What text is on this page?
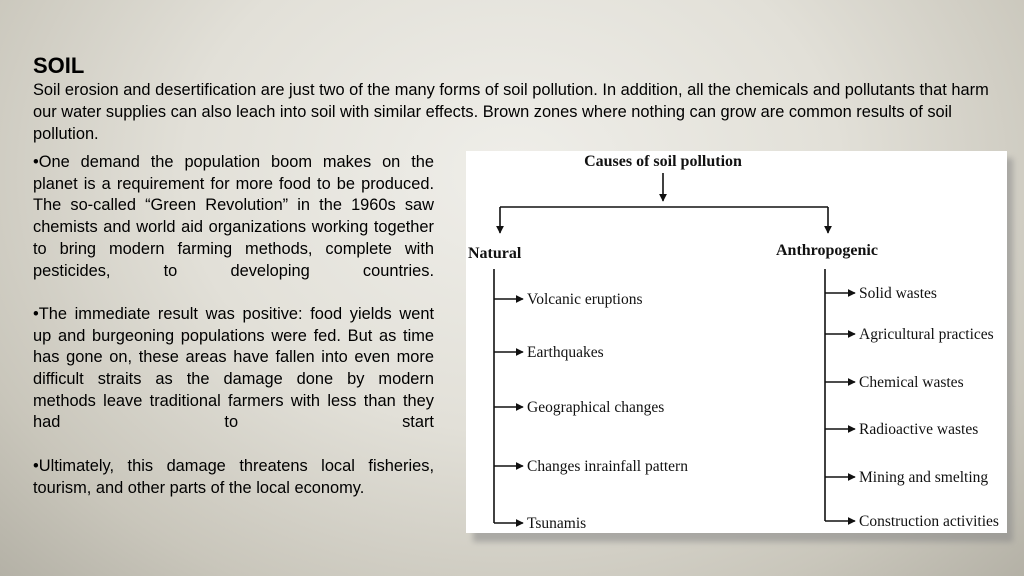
SOIL

Soil erosion and desertification are just two of the many forms of soil pollution. In addition, all the chemicals and pollutants that harm our water supplies can also leach into soil with similar effects. Brown zones where nothing can grow are common results of soil pollution.

•One demand the population boom makes on the planet is a requirement for more food to be produced. The so-called “Green Revolution” in the 1960s saw chemists and world aid organizations working together to bring modern farming methods, complete with pesticides, to developing countries.

•The immediate result was positive: food yields went up and burgeoning populations were fed. But as time has gone on, these areas have fallen into even more difficult straits as the damage done by modern methods leave traditional farmers with less than they had to start

•Ultimately, this damage threatens local fisheries, tourism, and other parts of the local economy.

Causes of soil pollution
Volcanic eruptions
Earthquakes
Geographical changes
Changes inrainfall pattern
Tsunamis
Solid wastes
Agricultural practices
Chemical wastes
Radioactive wastes
Mining and smelting
Construction activities
Natural	Anthropogenic
